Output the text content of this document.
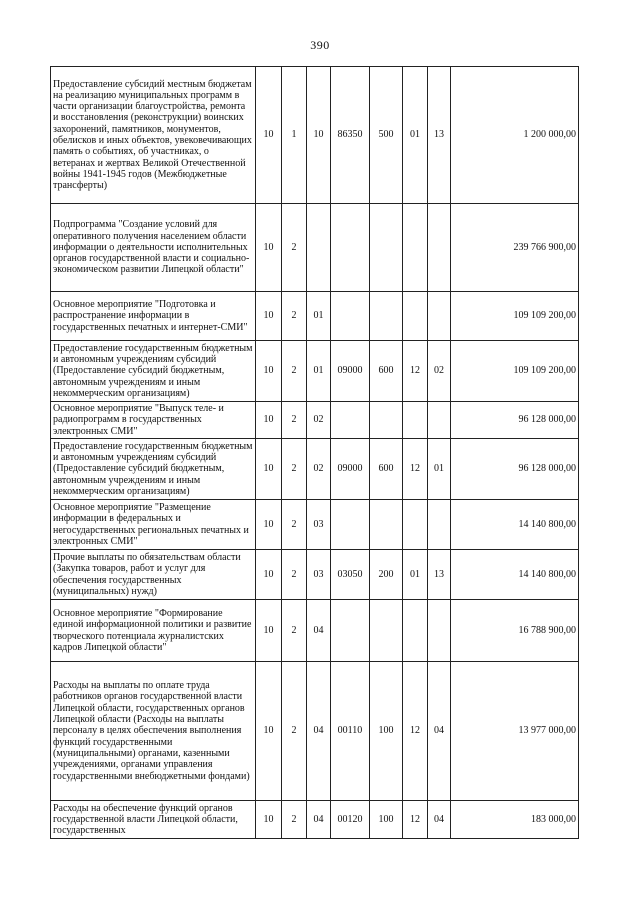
390
Предоставление субсидий местным бюджетам на реализацию муниципальных программ в части организации благоустройства, ремонта и восстановления (реконструкции) воинских захоронений, памятников, монументов, обелисков и иных объектов, увековечивающих память о событиях, об участниках, о ветеранах и жертвах Великой Отечественной войны 1941-1945 годов (Межбюджетные трансферты)	10	1	10	86350	500	01	13	1 200 000,00
Подпрограмма "Создание условий для оперативного получения населением области информации о деятельности исполнительных органов государственной власти и социально-экономическом развитии Липецкой области"	10	2						239 766 900,00
Основное мероприятие "Подготовка и распространение информации в государственных печатных и интернет-СМИ"	10	2	01					109 109 200,00
Предоставление государственным бюджетным и автономным учреждениям субсидий (Предоставление субсидий бюджетным, автономным учреждениям и иным некоммерческим организациям)	10	2	01	09000	600	12	02	109 109 200,00
Основное мероприятие "Выпуск теле- и радиопрограмм в государственных электронных СМИ"	10	2	02					96 128 000,00
Предоставление государственным бюджетным и автономным учреждениям субсидий (Предоставление субсидий бюджетным, автономным учреждениям и иным некоммерческим организациям)	10	2	02	09000	600	12	01	96 128 000,00
Основное мероприятие "Размещение информации в федеральных и негосударственных региональных печатных и электронных СМИ"	10	2	03					14 140 800,00
Прочие выплаты по обязательствам области (Закупка товаров, работ и услуг для обеспечения государственных (муниципальных) нужд)	10	2	03	03050	200	01	13	14 140 800,00
Основное мероприятие "Формирование единой информационной политики и развитие творческого потенциала журналистских кадров Липецкой области"	10	2	04					16 788 900,00
Расходы на выплаты по оплате труда работников органов государственной власти Липецкой области, государственных органов Липецкой области (Расходы на выплаты персоналу в целях обеспечения выполнения функций государственными (муниципальными) органами, казенными учреждениями, органами управления государственными внебюджетными фондами)	10	2	04	00110	100	12	04	13 977 000,00
Расходы на обеспечение функций органов государственной власти Липецкой области, государственных	10	2	04	00120	100	12	04	183 000,00
